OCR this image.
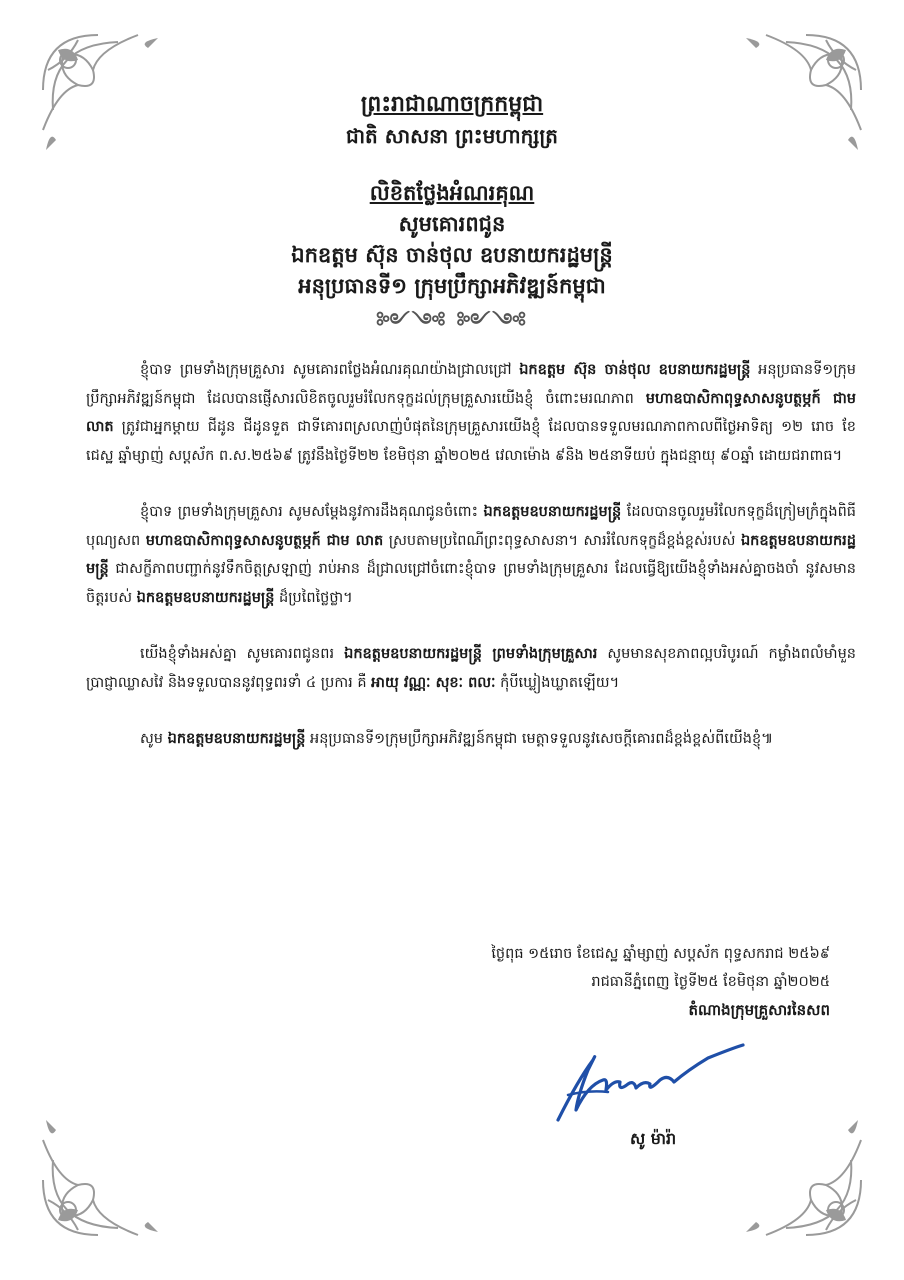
ព្រះរាជាណាចក្រកម្ពុជា
ជាតិ សាសនា ព្រះមហាក្សត្រ
លិខិតថ្លែងអំណរគុណ
សូមគោរពជូន
ឯកឧត្តម ស៊ុន ចាន់ថុល ឧបនាយករដ្ឋមន្ត្រី
អនុប្រធានទី១ ក្រុមប្រឹក្សាអភិវឌ្ឍន៍កម្ពុជា
༻༺ ༻༺

ខ្ញុំបាទ ព្រមទាំងក្រុមគ្រួសារ សូមគោរពថ្លែងអំណរគុណយ៉ាងជ្រាលជ្រៅ ឯកឧត្តម ស៊ុន ចាន់ថុល ឧបនាយករដ្ឋមន្ត្រី អនុប្រធានទី១ក្រុមប្រឹក្សាអភិវឌ្ឍន៍កម្ពុជា ដែលបានផ្ញើសារលិខិតចូលរួមរំលែកទុក្ខដល់ក្រុមគ្រួសារយើងខ្ញុំ ចំពោះមរណភាព មហាឧបាសិកាពុទ្ធសាសនូបត្ថម្ភក៍ ជាម លាត ត្រូវជាអ្នកម្ដាយ ជីដូន ជីដូនទួត ជាទីគោរពស្រលាញ់បំផុតនៃក្រុមគ្រួសារយើងខ្ញុំ ដែលបានទទួលមរណភាពកាលពីថ្ងៃអាទិត្យ ១២ រោច ខែជេស្ឋ ឆ្នាំម្សាញ់ សប្តស័ក ព.ស.២៥៦៩ ត្រូវនឹងថ្ងៃទី២២ ខែមិថុនា ឆ្នាំ២០២៥ វេលាម៉ោង ៩និង ២៥នាទីយប់ ក្នុងជន្មាយុ ៩០ឆ្នាំ ដោយជរាពាធ។

ខ្ញុំបាទ ព្រមទាំងក្រុមគ្រួសារ សូមសម្ដែងនូវការដឹងគុណជូនចំពោះ ឯកឧត្តមឧបនាយករដ្ឋមន្ត្រី ដែលបានចូលរួមរំលែកទុក្ខដ៏ក្រៀមក្រំក្នុងពិធីបុណ្យសព មហាឧបាសិកាពុទ្ធសាសនូបត្ថម្ភក៍ ជាម លាត ស្របតាមប្រពៃណីព្រះពុទ្ធសាសនា។ សាររំលែកទុក្ខដ៏ខ្ពង់ខ្ពស់របស់ ឯកឧត្តមឧបនាយករដ្ឋមន្ត្រី ជាសក្ខីភាពបញ្ជាក់នូវទឹកចិត្តស្រឡាញ់ រាប់អាន ដ៏ជ្រាលជ្រៅចំពោះខ្ញុំបាទ ព្រមទាំងក្រុមគ្រួសារ ដែលធ្វើឱ្យយើងខ្ញុំទាំងអស់គ្នាចងចាំ នូវសមានចិត្តរបស់ ឯកឧត្តមឧបនាយករដ្ឋមន្ត្រី ដ៏ប្រពៃថ្លៃថ្លា។

យើងខ្ញុំទាំងអស់គ្នា សូមគោរពជូនពរ ឯកឧត្តមឧបនាយករដ្ឋមន្ត្រី ព្រមទាំងក្រុមគ្រួសារ សូមមានសុខភាពល្អបរិបូរណ៍ កម្លាំងពលំមាំមួន ប្រាជ្ញាឈ្លាសវៃ និងទទួលបាននូវពុទ្ធពរទាំ ៤ ប្រការ គឺ អាយុ វណ្ណៈ សុខៈ ពលៈ កុំបីឃ្លៀងឃ្លាតឡើយ។

សូម ឯកឧត្តមឧបនាយករដ្ឋមន្ត្រី អនុប្រធានទី១ក្រុមប្រឹក្សាអភិវឌ្ឍន៍កម្ពុជា មេត្តាទទួលនូវសេចក្ដីគោរពដ៏ខ្ពង់ខ្ពស់ពីយើងខ្ញុំ៕

ថ្ងៃពុធ ១៥រោច ខែជេស្ឋ ឆ្នាំម្សាញ់ សប្តស័ក ពុទ្ធសករាជ ២៥៦៩
រាជធានីភ្នំពេញ ថ្ងៃទី២៥ ខែមិថុនា ឆ្នាំ២០២៥
តំណាងក្រុមគ្រួសារនៃសព
សូ ម៉ារ៉ា
